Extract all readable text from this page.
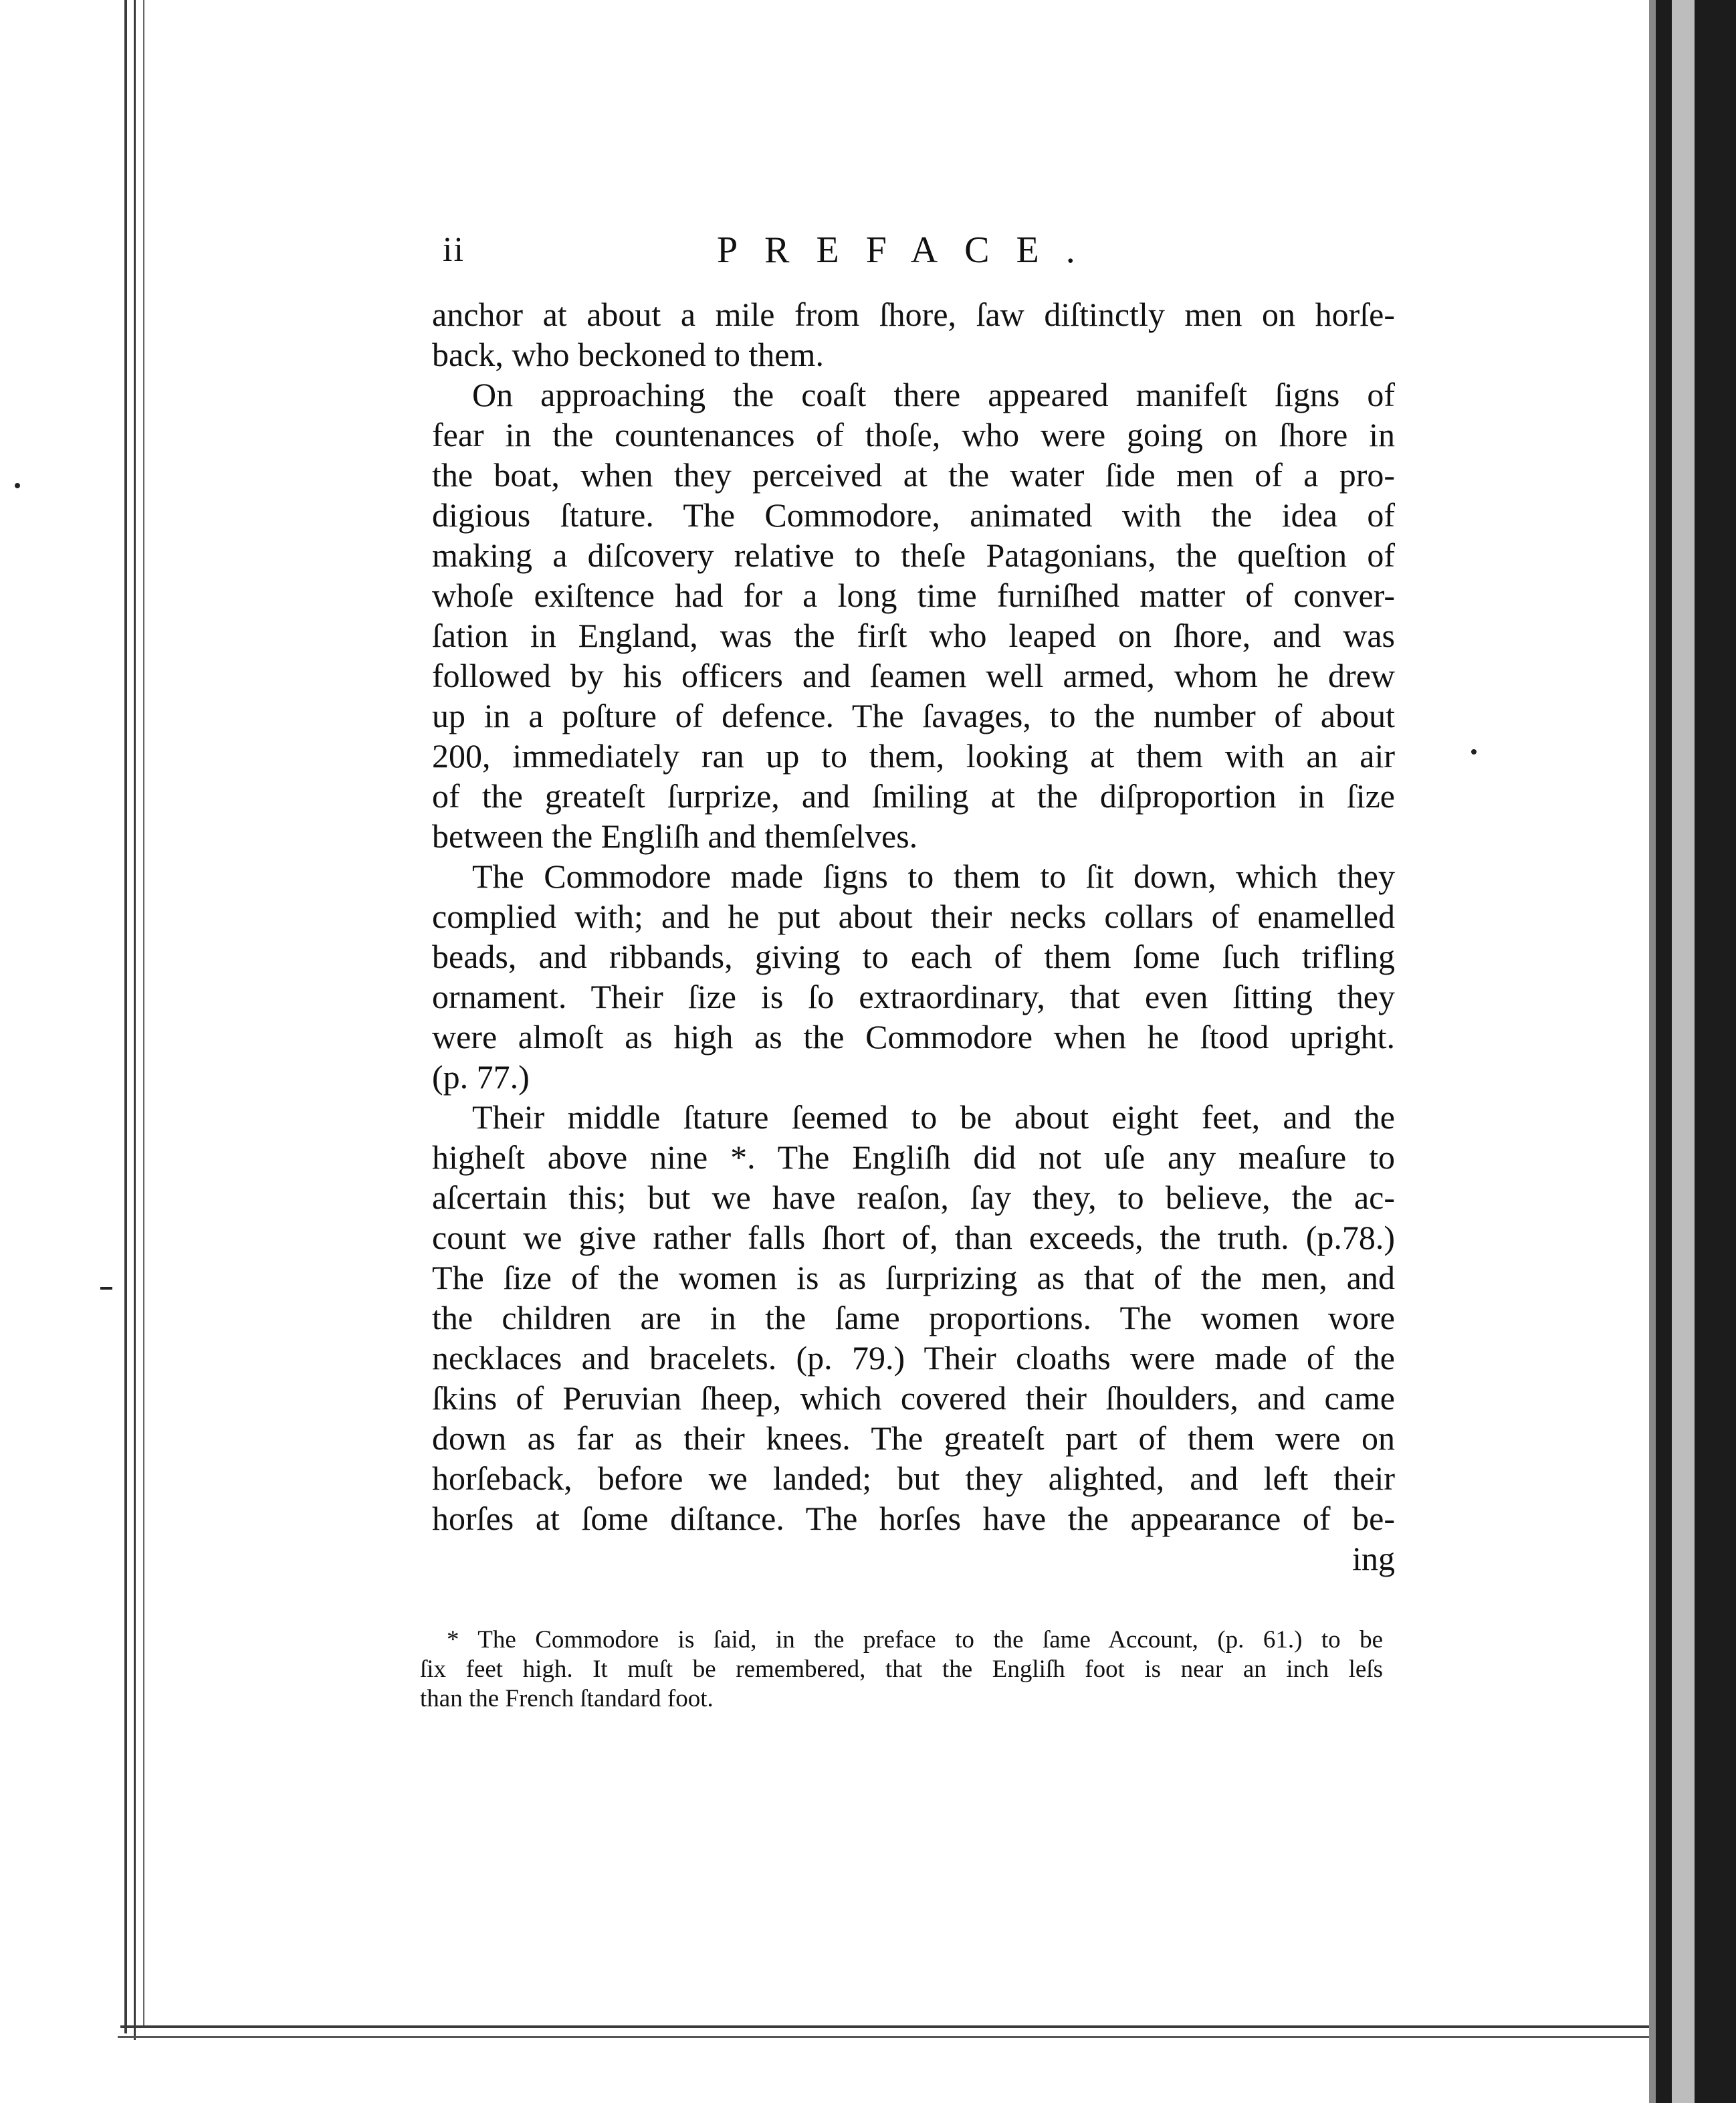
ii	PREFACE.
anchor at about a mile from ſhore, ſaw diſtinctly men on horſe-
back, who beckoned to them.
On approaching the coaſt there appeared manifeſt ſigns of
fear in the countenances of thoſe, who were going on ſhore in
the boat, when they perceived at the water ſide men of a pro-
digious ſtature. The Commodore, animated with the idea of
making a diſcovery relative to theſe Patagonians, the queſtion of
whoſe exiſtence had for a long time furniſhed matter of conver-
ſation in England, was the firſt who leaped on ſhore, and was
followed by his officers and ſeamen well armed, whom he drew
up in a poſture of defence. The ſavages, to the number of about
200, immediately ran up to them, looking at them with an air
of the greateſt ſurprize, and ſmiling at the diſproportion in ſize
between the Engliſh and themſelves.
The Commodore made ſigns to them to ſit down, which they
complied with; and he put about their necks collars of enamelled
beads, and ribbands, giving to each of them ſome ſuch trifling
ornament. Their ſize is ſo extraordinary, that even ſitting they
were almoſt as high as the Commodore when he ſtood upright.
(p. 77.)
Their middle ſtature ſeemed to be about eight feet, and the
higheſt above nine *. The Engliſh did not uſe any meaſure to
aſcertain this; but we have reaſon, ſay they, to believe, the ac-
count we give rather falls ſhort of, than exceeds, the truth. (p.78.)
The ſize of the women is as ſurprizing as that of the men, and
the children are in the ſame proportions. The women wore
necklaces and bracelets. (p. 79.) Their cloaths were made of the
ſkins of Peruvian ſheep, which covered their ſhoulders, and came
down as far as their knees. The greateſt part of them were on
horſeback, before we landed; but they alighted, and left their
horſes at ſome diſtance. The horſes have the appearance of be-
ing
* The Commodore is ſaid, in the preface to the ſame Account, (p. 61.) to be
ſix feet high. It muſt be remembered, that the Engliſh foot is near an inch leſs
than the French ſtandard foot.
